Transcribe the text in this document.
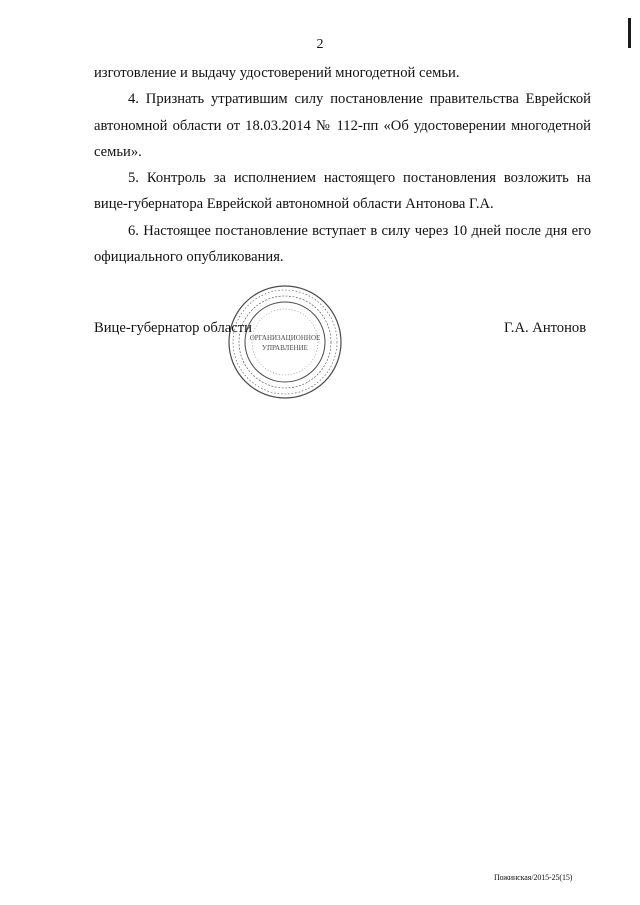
2

изготовление и выдачу удостоверений многодетной семьи.

4. Признать утратившим силу постановление правительства Еврейской автономной области от 18.03.2014 № 112-пп «Об удостоверении многодетной семьи».

5. Контроль за исполнением настоящего постановления возложить на вице-губернатора Еврейской автономной области Антонова Г.А.

6. Настоящее постановление вступает в силу через 10 дней после дня его официального опубликования.

ОРГАНИЗАЦИОННОЕ
УПРАВЛЕНИЕ
Вице-губернатор области	Г.А. Антонов
Пожинская/2015-25(15)
